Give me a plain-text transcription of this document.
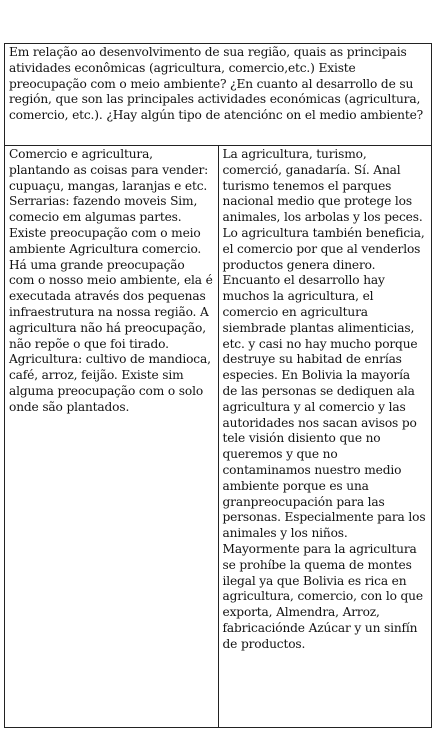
Em relação ao desenvolvimento de sua região, quais as principais atividades econômicas (agricultura, comercio,etc.) Existe preocupação com o meio ambiente? ¿En cuanto al desarrollo de su región, que son las principales actividades económicas (agricultura, comercio, etc.). ¿Hay algún tipo de atenciónc on el medio ambiente?
Comercio e agricultura, plantando as coisas para vender: cupuaçu, mangas, laranjas e etc. Serrarias: fazendo moveis Sim, comecio em algumas partes. Existe preocupação com o meio ambiente Agricultura comercio. Há uma grande preocupação com o nosso meio ambiente, ela é executada através dos pequenas infraestrutura na nossa região. A agricultura não há preocupação, não repõe o que foi tirado. Agricultura: cultivo de mandioca, café, arroz, feijão. Existe sim alguma preocupação com o solo onde são plantados.	La agricultura, turismo, comerció, ganadaría. Sí. Anal turismo tenemos el parques nacional medio que protege los animales, los arbolas y los peces. Lo agricultura también beneficia, el comercio por que al venderlos productos genera dinero. Encuanto el desarrollo hay muchos la agricultura, el comercio en agricultura siembrade plantas alimenticias, etc. y casi no hay mucho porque destruye su habitad de enrías especies. En Bolivia la mayoría de las personas se dediquen ala agricultura y al comercio y las autoridades nos sacan avisos po tele visión disiento que no queremos y que no contaminamos nuestro medio ambiente porque es una granpreocupación para las personas. Especialmente para los animales y los niños. Mayormente para la agricultura se prohíbe la quema de montes ilegal ya que Bolivia es rica en agricultura, comercio, con lo que exporta, Almendra, Arroz, fabricaciónde Azúcar y un sinfín de productos.
